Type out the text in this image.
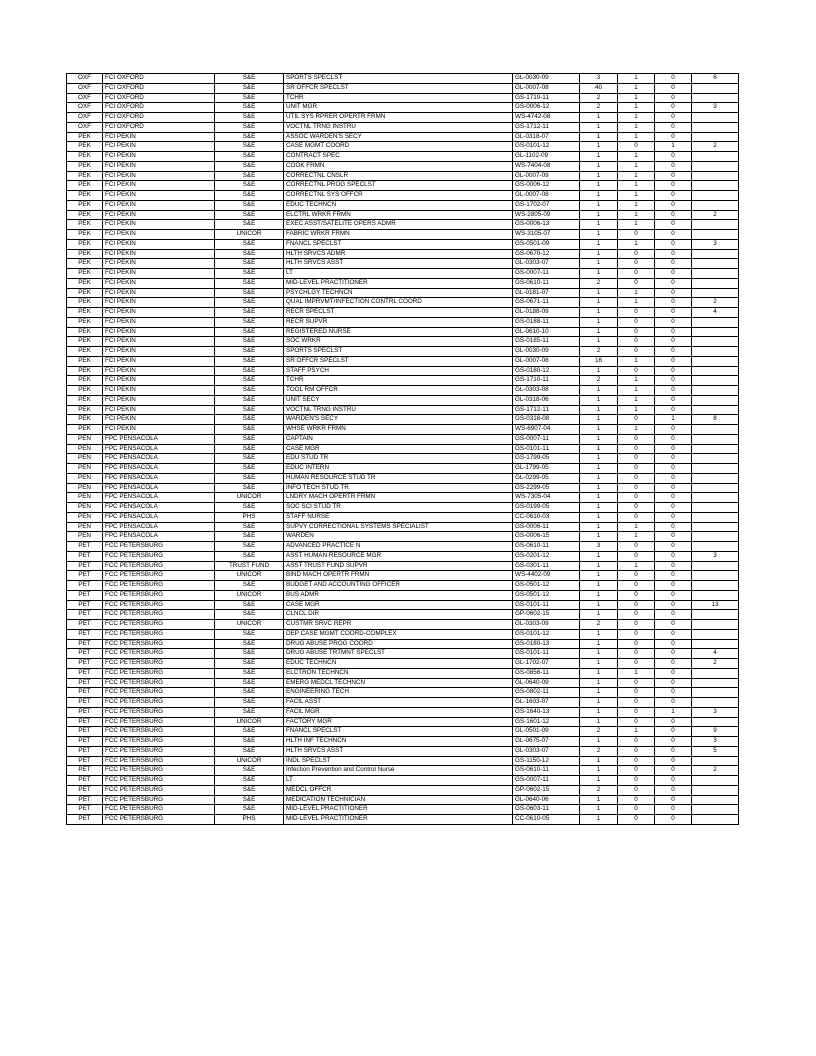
OXF	FCI OXFORD	S&E	SPORTS SPECLST	GL-0030-09	3	1	0	6
OXF	FCI OXFORD	S&E	SR OFFCR SPECLST	GL-0007-08	40	1	0	
OXF	FCI OXFORD	S&E	TCHR	GS-1710-11	2	1	0	
OXF	FCI OXFORD	S&E	UNIT MGR	GS-0006-12	2	1	0	3
OXF	FCI OXFORD	S&E	UTIL SYS RPRER OPERTR FRMN	WS-4742-08	1	1	0	
OXF	FCI OXFORD	S&E	VOCTNL TRNG INSTRU	GS-1712-11	1	1	0	
PEK	FCI PEKIN	S&E	ASSOC WARDEN'S SECY	GL-0318-07	1	1	0	
PEK	FCI PEKIN	S&E	CASE MGMT COORD	GS-0101-12	1	0	1	2
PEK	FCI PEKIN	S&E	CONTRACT SPEC	GL-1102-09	1	1	0	
PEK	FCI PEKIN	S&E	COOK FRMN	WS-7404-08	1	1	0	
PEK	FCI PEKIN	S&E	CORRECTNL CNSLR	GL-0007-09	1	1	0	
PEK	FCI PEKIN	S&E	CORRECTNL PROG SPECLST	GS-0006-12	1	1	0	
PEK	FCI PEKIN	S&E	CORRECTNL SYS OFFCR	GL-0007-08	1	1	0	
PEK	FCI PEKIN	S&E	EDUC TECHNCN	GS-1702-07	1	1	0	
PEK	FCI PEKIN	S&E	ELCTRL WRKR FRMN	WS-2805-09	1	1	0	2
PEK	FCI PEKIN	S&E	EXEC ASST/SATELITE OPERS ADMR	GS-0006-13	1	1	0	
PEK	FCI PEKIN	UNICOR	FABRIC WRKR FRMN	WS-3105-07	1	0	0	
PEK	FCI PEKIN	S&E	FNANCL SPECLST	GS-0501-09	1	1	0	3
PEK	FCI PEKIN	S&E	HLTH SRVCS ADMR	GS-0670-12	1	0	0	
PEK	FCI PEKIN	S&E	HLTH SRVCS ASST	GL-0303-07	1	0	0	
PEK	FCI PEKIN	S&E	LT	GS-0007-11	1	0	0	
PEK	FCI PEKIN	S&E	MID-LEVEL PRACTITIONER	GS-0610-11	2	0	0	
PEK	FCI PEKIN	S&E	PSYCHLGY TECHNCN	GL-0181-07	1	1	0	
PEK	FCI PEKIN	S&E	QUAL IMPRVMT/INFECTION CONTRL COORD	GS-0671-11	1	1	0	2
PEK	FCI PEKIN	S&E	RECR SPECLST	GL-0188-09	1	0	0	4
PEK	FCI PEKIN	S&E	RECR SUPVR	GS-0188-11	1	0	0	
PEK	FCI PEKIN	S&E	REGISTERED NURSE	GL-0610-10	1	0	0	
PEK	FCI PEKIN	S&E	SOC WRKR	GS-0185-11	1	0	0	
PEK	FCI PEKIN	S&E	SPORTS SPECLST	GL-0030-09	2	0	0	
PEK	FCI PEKIN	S&E	SR OFFCR SPECLST	GL-0007-08	16	1	0	
PEK	FCI PEKIN	S&E	STAFF PSYCH	GS-0180-12	1	0	0	
PEK	FCI PEKIN	S&E	TCHR	GS-1710-11	2	1	0	
PEK	FCI PEKIN	S&E	TOOL RM OFFCR	GL-0303-08	1	1	0	
PEK	FCI PEKIN	S&E	UNIT SECY	GL-0318-06	1	1	0	
PEK	FCI PEKIN	S&E	VOCTNL TRNG INSTRU	GS-1712-11	1	1	0	
PEK	FCI PEKIN	S&E	WARDEN'S SECY	GS-0318-08	1	0	1	8
PEK	FCI PEKIN	S&E	WHSE WRKR FRMN	WS-6907-04	1	1	0	
PEN	FPC PENSACOLA	S&E	CAPTAIN	GS-0007-11	1	0	0	
PEN	FPC PENSACOLA	S&E	CASE MGR	GS-0101-11	1	0	0	
PEN	FPC PENSACOLA	S&E	EDU STUD TR	GS-1799-05	1	0	0	
PEN	FPC PENSACOLA	S&E	EDUC INTERN	GL-1799-05	1	0	0	
PEN	FPC PENSACOLA	S&E	HUMAN RESOURCE STUD TR	GL-0299-05	1	0	0	
PEN	FPC PENSACOLA	S&E	INFO TECH STUD TR	GS-2299-05	1	0	0	
PEN	FPC PENSACOLA	UNICOR	LNDRY MACH OPERTR FRMN	WS-7305-04	1	0	0	
PEN	FPC PENSACOLA	S&E	SOC SCI STUD TR	GS-0199-05	1	0	0	
PEN	FPC PENSACOLA	PHS	STAFF NURSE	CC-0610-03	1	0	0	
PEN	FPC PENSACOLA	S&E	SUPVY CORRECTIONAL SYSTEMS SPECIALIST	GS-0006-11	1	1	0	
PEN	FPC PENSACOLA	S&E	WARDEN	GS-0006-15	1	1	0	
PET	FCC PETERSBURG	S&E	ADVANCED PRACTICE N	GS-0610-11	3	0	0	
PET	FCC PETERSBURG	S&E	ASST HUMAN RESOURCE MGR	GS-0201-12	1	0	0	3
PET	FCC PETERSBURG	TRUST FUND	ASST TRUST FUND SUPVR	GS-0301-11	1	1	0	
PET	FCC PETERSBURG	UNICOR	BIND MACH OPERTR FRMN	WS-4402-09	1	0	0	
PET	FCC PETERSBURG	S&E	BUDGET AND ACCOUNTING OFFICER	GS-0501-12	1	0	0	
PET	FCC PETERSBURG	UNICOR	BUS ADMR	GS-0501-12	1	0	0	
PET	FCC PETERSBURG	S&E	CASE MGR	GS-0101-11	1	0	0	13
PET	FCC PETERSBURG	S&E	CLNCL DIR	GP-0602-15	1	0	0	
PET	FCC PETERSBURG	UNICOR	CUSTMR SRVC REPR	GL-0303-09	2	0	0	
PET	FCC PETERSBURG	S&E	DEP CASE MGMT COORD-COMPLEX	GS-0101-12	1	0	0	
PET	FCC PETERSBURG	S&E	DRUG ABUSE PROG COORD	GS-0180-13	1	0	0	
PET	FCC PETERSBURG	S&E	DRUG ABUSE TRTMNT SPECLST	GS-0101-11	1	0	0	4
PET	FCC PETERSBURG	S&E	EDUC TECHNCN	GL-1702-07	1	0	0	2
PET	FCC PETERSBURG	S&E	ELCTRON TECHNCN	GS-0856-11	1	1	0	
PET	FCC PETERSBURG	S&E	EMERG MEDCL TECHNCN	GL-0640-09	1	0	0	
PET	FCC PETERSBURG	S&E	ENGINEERING TECH	GS-0802-11	1	0	0	
PET	FCC PETERSBURG	S&E	FACIL ASST	GL-1603-07	1	0	0	
PET	FCC PETERSBURG	S&E	FACIL MGR	GS-1640-13	1	0	1	3
PET	FCC PETERSBURG	UNICOR	FACTORY MGR	GS-1601-12	1	0	0	
PET	FCC PETERSBURG	S&E	FNANCL SPECLST	GL-0501-09	2	1	0	9
PET	FCC PETERSBURG	S&E	HLTH INF TECHNCN	GL-0675-07	1	0	0	3
PET	FCC PETERSBURG	S&E	HLTH SRVCS ASST	GL-0303-07	2	0	0	5
PET	FCC PETERSBURG	UNICOR	INDL SPECLST	GS-1150-12	1	0	0	
PET	FCC PETERSBURG	S&E	Infection Prevention and Control Nurse	GS-0610-11	1	0	0	2
PET	FCC PETERSBURG	S&E	LT	GS-0007-11	1	0	0	
PET	FCC PETERSBURG	S&E	MEDCL OFFCR	GP-0602-15	2	0	0	
PET	FCC PETERSBURG	S&E	MEDICATION TECHNICIAN	GL-0640-06	1	0	0	
PET	FCC PETERSBURG	S&E	MID-LEVEL PRACTITIONER	GS-0603-11	1	0	0	
PET	FCC PETERSBURG	PHS	MID-LEVEL PRACTITIONER	CC-0610-05	1	0	0	
